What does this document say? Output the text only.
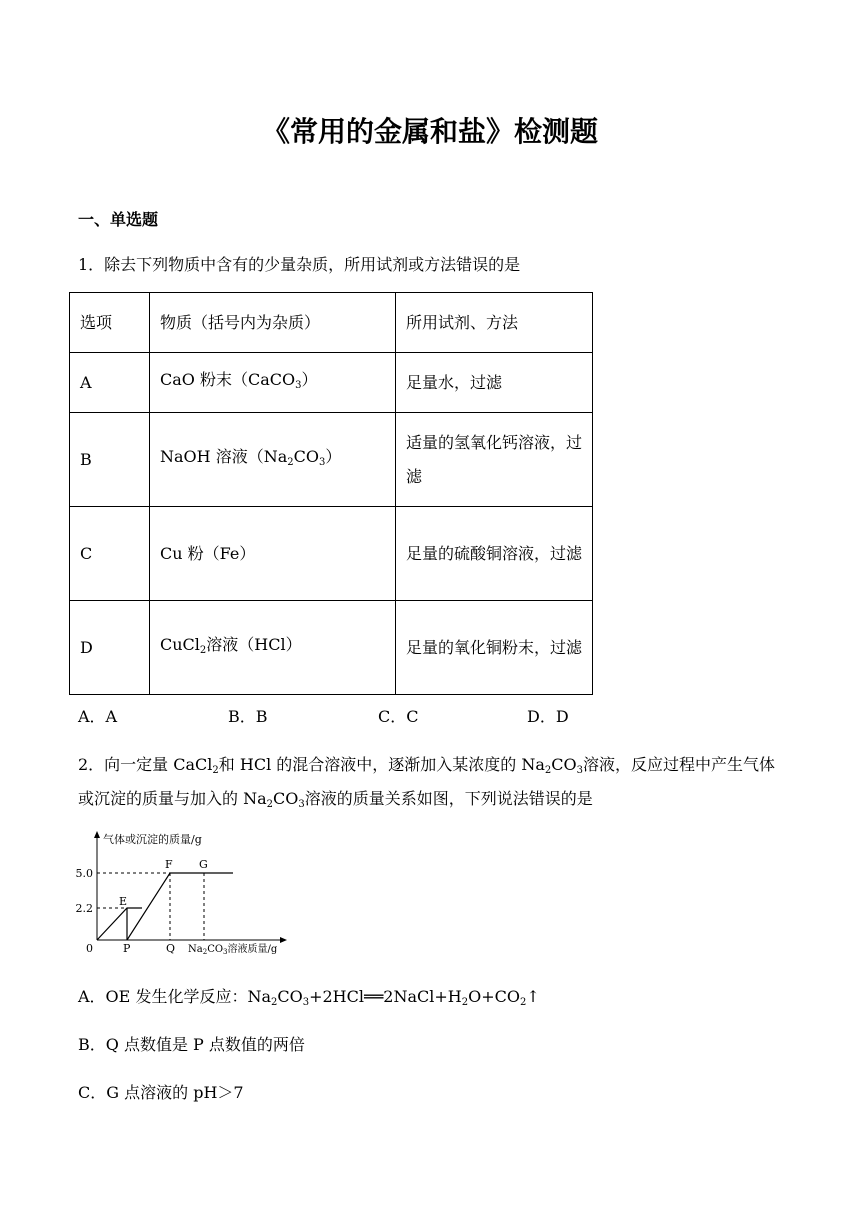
《常用的金属和盐》检测题
一、单选题
1．除去下列物质中含有的少量杂质，所用试剂或方法错误的是
选项	物质（括号内为杂质）	所用试剂、方法
A	CaO 粉末（CaCO$_3$）	足量水，过滤
B	NaOH 溶液$(Na_2CO_3)$	适量的氢氧化钙溶液，过滤
C	Cu 粉（Fe）	足量的硫酸铜溶液，过滤
D	CuCl$_2$溶液（HCl）	足量的氧化铜粉末，过滤
A．A	B．B	C．C	D．D
2．向一定量 CaCl$_2$和 HCl 的混合溶液中，逐渐加入某浓度的 $Na_2CO_3$溶液，反应过程中产生气体
或沉淀的质量与加入的 $Na_2CO_3$溶液的质量关系如图，下列说法错误的是
气体或沉淀的质量/g
5.0
2.2
0
E
F G
P	Q $Na_2CO_3$溶液质量/g
A．OE 发生化学反应：$Na_2CO_3+2HCl══2NaCl+H_2O+CO_2↑$
B．Q 点数值是 P 点数值的两倍
C．G 点溶液的 pH＞7
